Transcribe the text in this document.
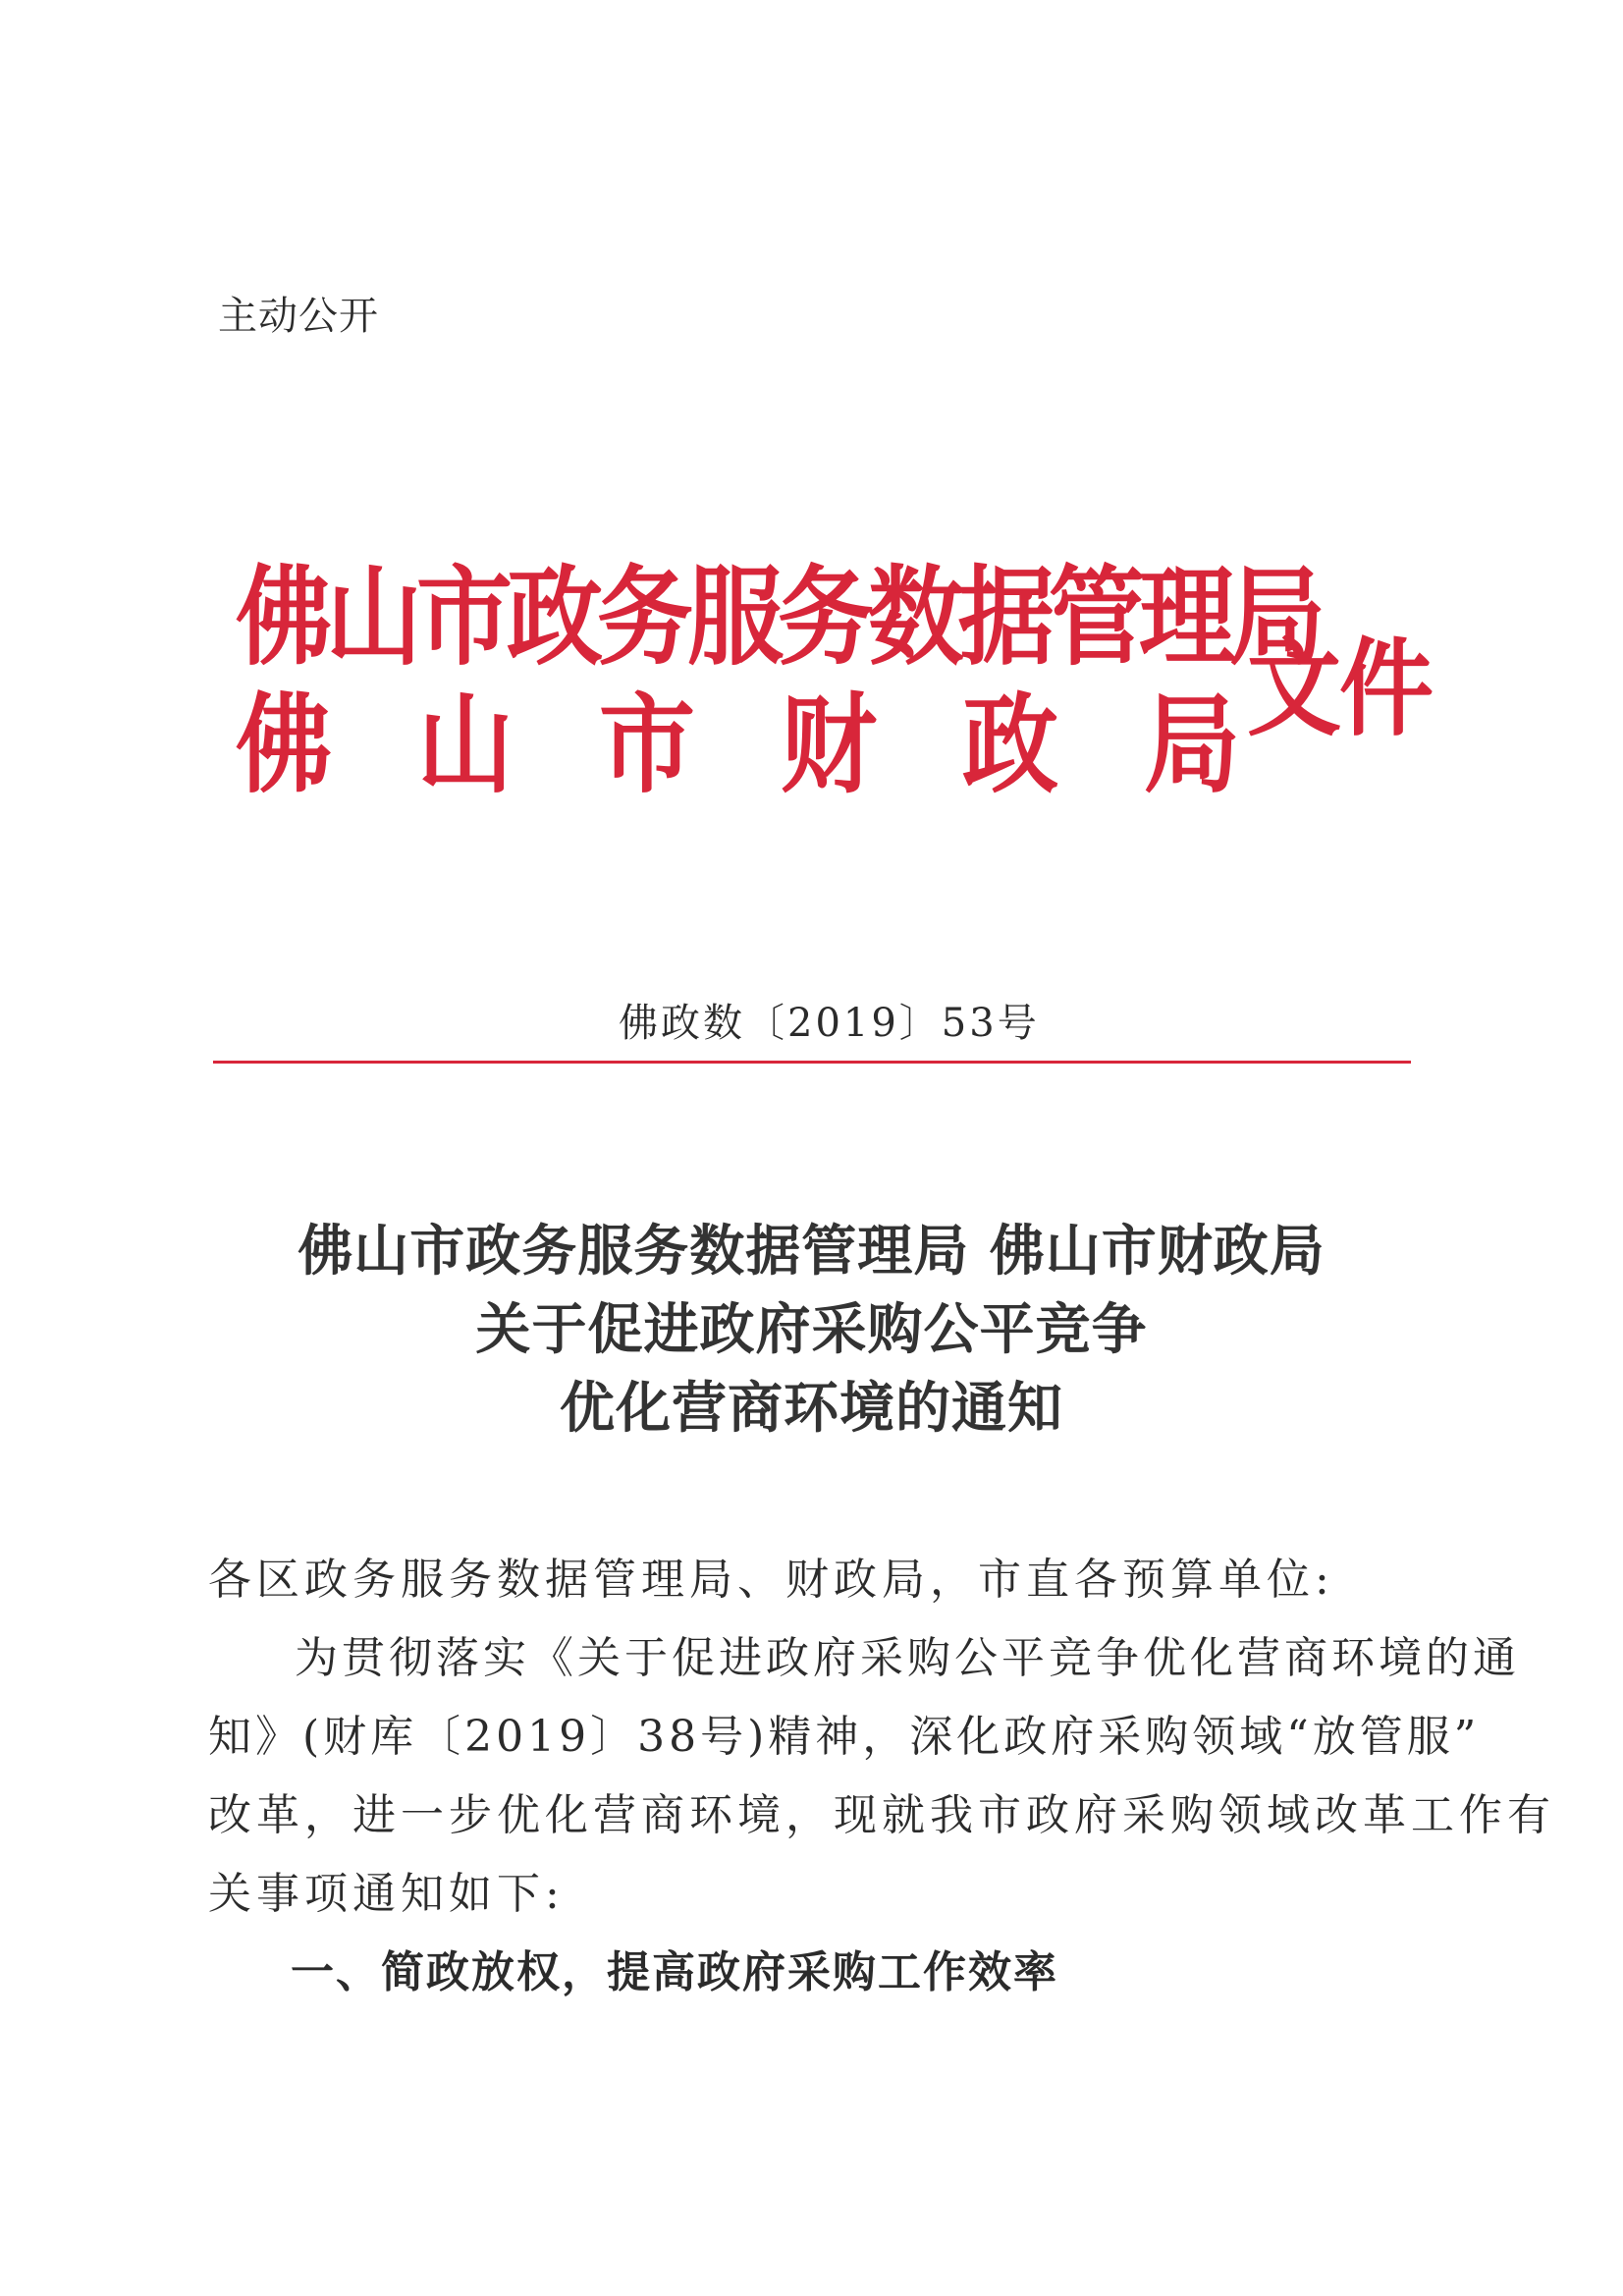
主动公开
佛山市政务服务数据管理局
佛山市财政局
文件
佛政数〔2019〕53号
佛山市政务服务数据管理局 佛山市财政局
关于促进政府采购公平竞争
优化营商环境的通知
各区政务服务数据管理局、财政局，市直各预算单位:
为贯彻落实《关于促进政府采购公平竞争优化营商环境的通
知》(财库〔2019〕38号)精神，深化政府采购领域“放管服”
改革，进一步优化营商环境，现就我市政府采购领域改革工作有
关事项通知如下:
一、简政放权，提高政府采购工作效率
